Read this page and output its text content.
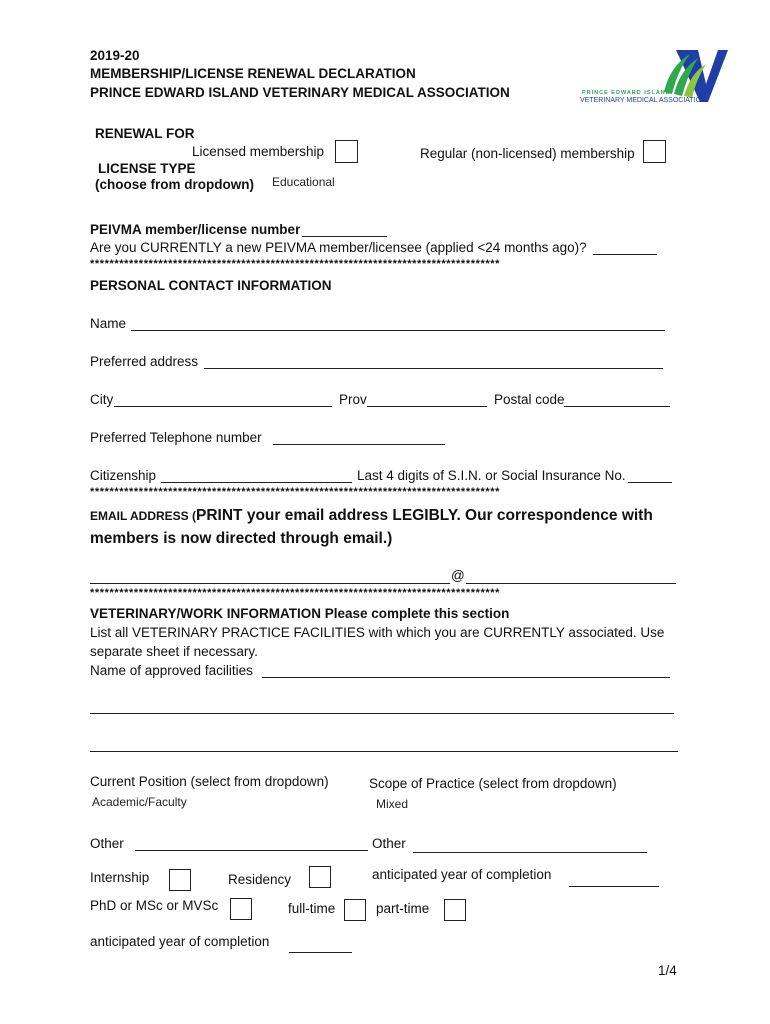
2019-20
MEMBERSHIP/LICENSE RENEWAL DECLARATION
PRINCE EDWARD ISLAND VETERINARY MEDICAL ASSOCIATION	PRINCE EDWARD ISLAND
VETERINARY MEDICAL ASSOCIATION
RENEWAL FOR
Licensed membership	Regular (non-licensed) membership
LICENSE TYPE
(choose from dropdown) Educational
PEIVMA member/license number
Are you CURRENTLY a new PEIVMA member/licensee (applied <24 months ago)?
************************************************************************************
PERSONAL CONTACT INFORMATION
Name
Preferred address
City	Prov	Postal code
Preferred Telephone number
Citizenship	Last 4 digits of S.I.N. or Social Insurance No.
************************************************************************************
EMAIL ADDRESS (PRINT your email address LEGIBLY. Our correspondence with
members is now directed through email.)
@
************************************************************************************
VETERINARY/WORK INFORMATION Please complete this section
List all VETERINARY PRACTICE FACILITIES with which you are CURRENTLY associated. Use
separate sheet if necessary.
Name of approved facilities
Current Position (select from dropdown)
Academic/Faculty
Scope of Practice (select from dropdown)
Mixed
Other	Other
Internship	Residency	anticipated year of completion
PhD or MSc or MVSc	full-time	part-time
anticipated year of completion
1/4
